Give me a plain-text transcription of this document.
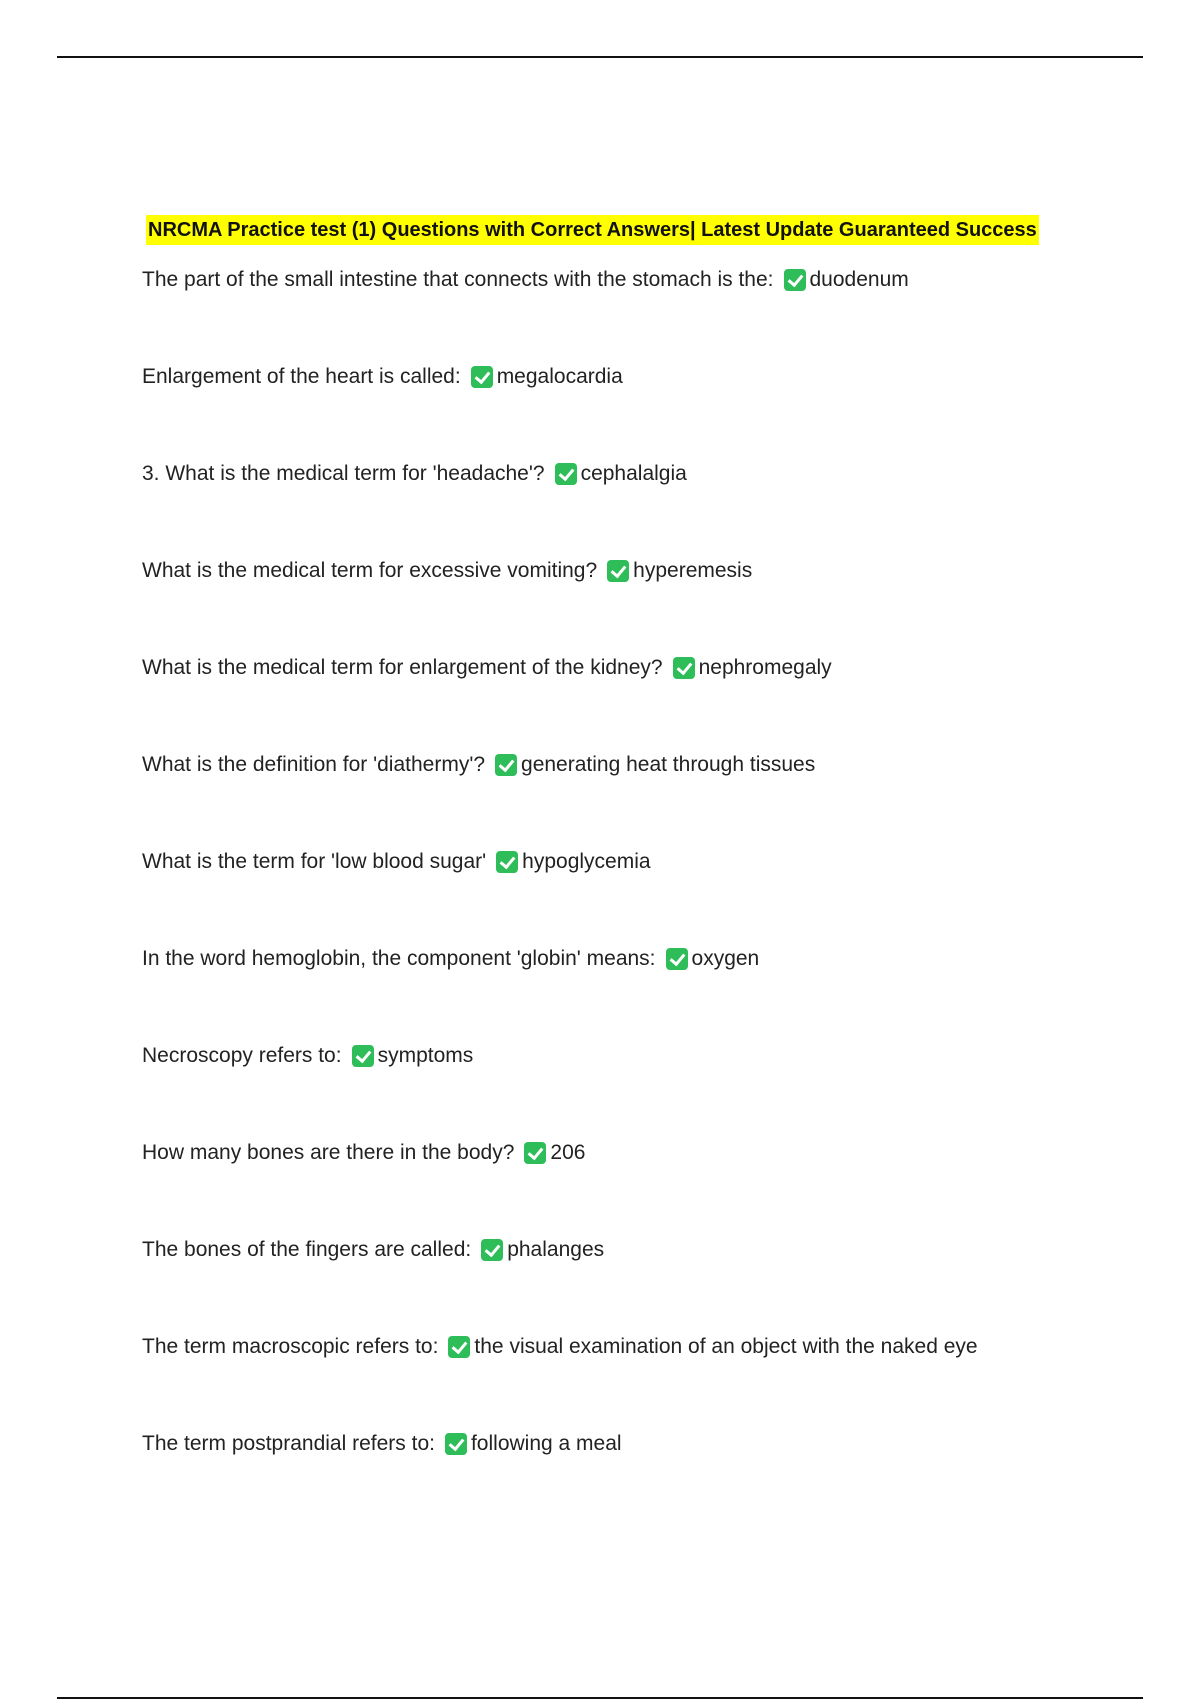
NRCMA Practice test (1) Questions with Correct Answers| Latest Update Guaranteed Success
The part of the small intestine that connects with the stomach is the: duodenum
Enlargement of the heart is called: megalocardia
3. What is the medical term for 'headache'? cephalalgia
What is the medical term for excessive vomiting? hyperemesis
What is the medical term for enlargement of the kidney? nephromegaly
What is the definition for 'diathermy'? generating heat through tissues
What is the term for 'low blood sugar' hypoglycemia
In the word hemoglobin, the component 'globin' means: oxygen
Necroscopy refers to: symptoms
How many bones are there in the body? 206
The bones of the fingers are called: phalanges
The term macroscopic refers to: the visual examination of an object with the naked eye
The term postprandial refers to: following a meal
